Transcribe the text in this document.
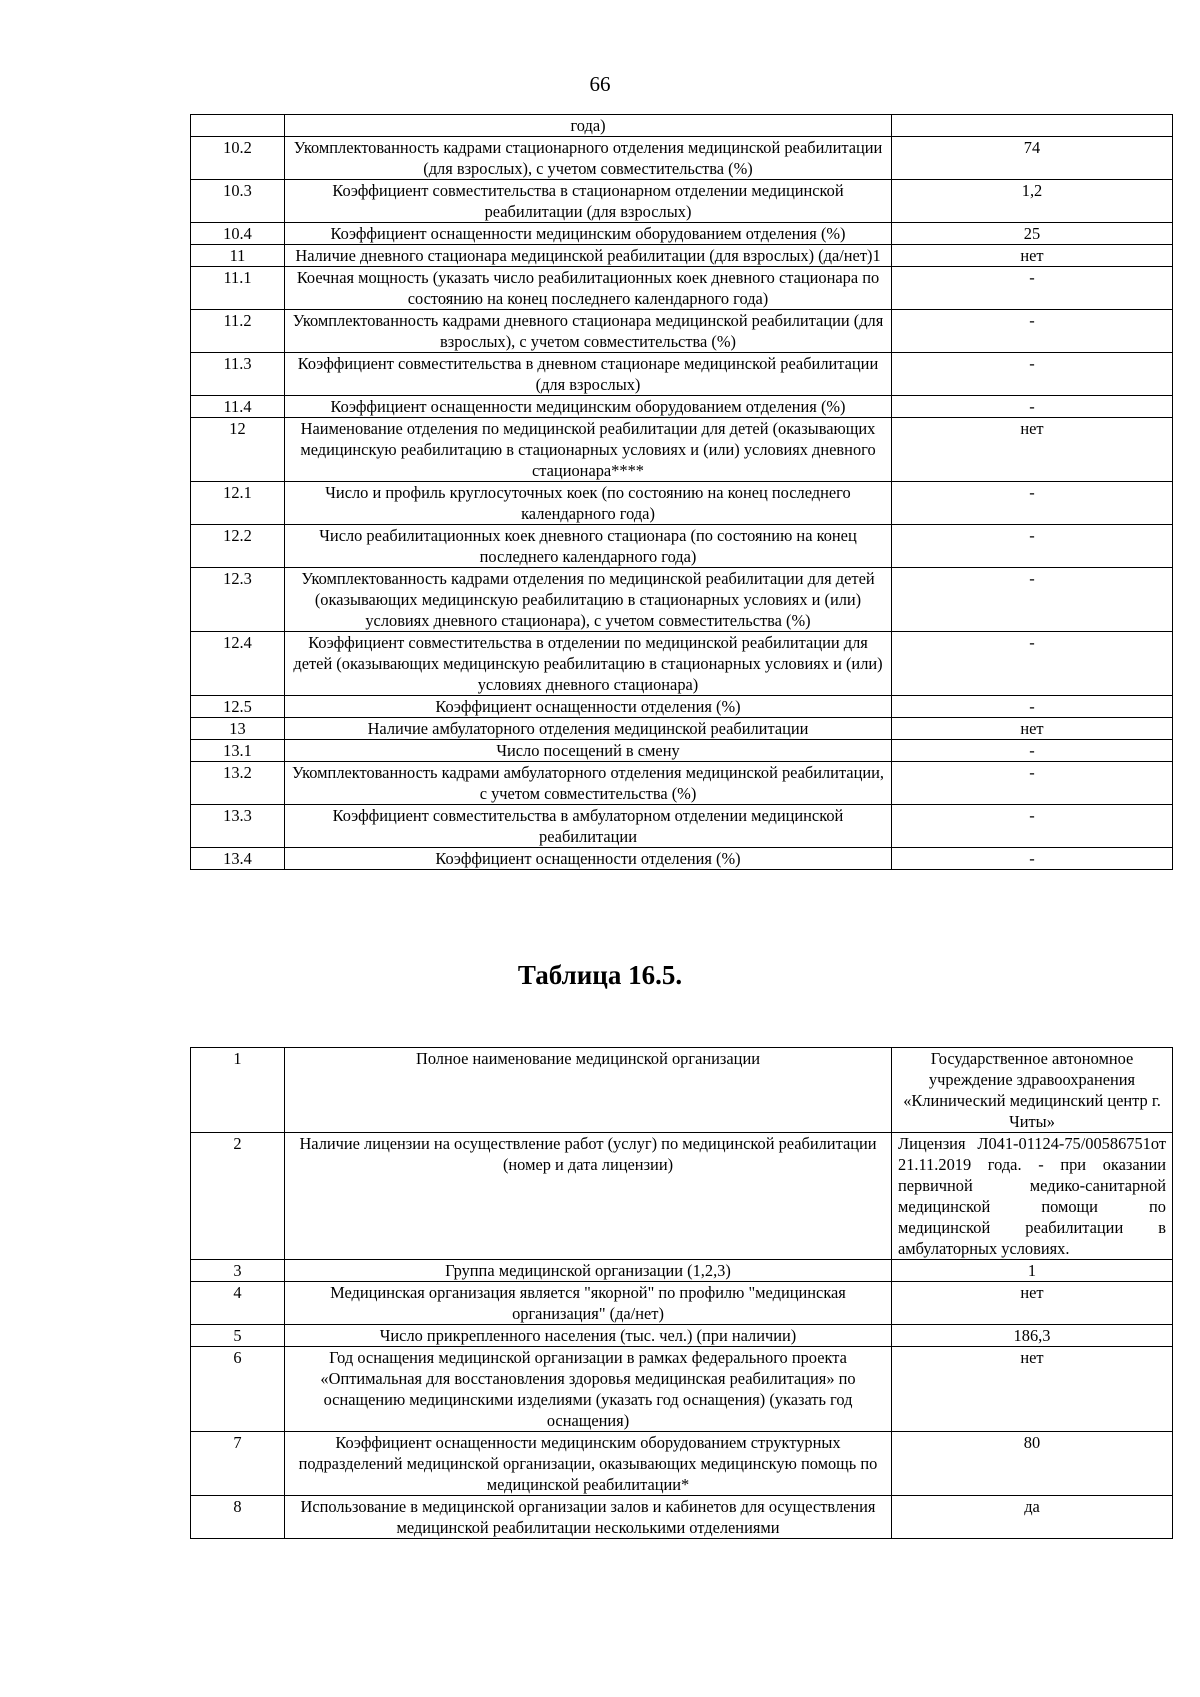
66
	года)	
10.2	Укомплектованность кадрами стационарного отделения медицинской реабилитации (для взрослых), с учетом совместительства (%)	74
10.3	Коэффициент совместительства в стационарном отделении медицинской реабилитации (для взрослых)	1,2
10.4	Коэффициент оснащенности медицинским оборудованием отделения (%)	25
11	Наличие дневного стационара медицинской реабилитации (для взрослых) (да/нет)1	нет
11.1	Коечная мощность (указать число реабилитационных коек дневного стационара по состоянию на конец последнего календарного года)	-
11.2	Укомплектованность кадрами дневного стационара медицинской реабилитации (для взрослых), с учетом совместительства (%)	-
11.3	Коэффициент совместительства в дневном стационаре медицинской реабилитации (для взрослых)	-
11.4	Коэффициент оснащенности медицинским оборудованием отделения (%)	-
12	Наименование отделения по медицинской реабилитации для детей (оказывающих медицинскую реабилитацию в стационарных условиях и (или) условиях дневного стационара****	нет
12.1	Число и профиль круглосуточных коек (по состоянию на конец последнего календарного года)	-
12.2	Число реабилитационных коек дневного стационара (по состоянию на конец последнего календарного года)	-
12.3	Укомплектованность кадрами отделения по медицинской реабилитации для детей (оказывающих медицинскую реабилитацию в стационарных условиях и (или) условиях дневного стационара), с учетом совместительства (%)	-
12.4	Коэффициент совместительства в отделении по медицинской реабилитации для детей (оказывающих медицинскую реабилитацию в стационарных условиях и (или) условиях дневного стационара)	-
12.5	Коэффициент оснащенности отделения (%)	-
13	Наличие амбулаторного отделения медицинской реабилитации	нет
13.1	Число посещений в смену	-
13.2	Укомплектованность кадрами амбулаторного отделения медицинской реабилитации, с учетом совместительства (%)	-
13.3	Коэффициент совместительства в амбулаторном отделении медицинской реабилитации	-
13.4	Коэффициент оснащенности отделения (%)	-
Таблица 16.5.
1	Полное наименование медицинской организации	Государственное автономное учреждение здравоохранения «Клинический медицинский центр г. Читы»
2	Наличие лицензии на осуществление работ (услуг) по медицинской реабилитации (номер и дата лицензии)	Лицензия Л041-01124-75/00586751от 21.11.2019 года. - при оказании первичной медико-санитарной медицинской помощи по медицинской реабилитации в амбулаторных условиях.
3	Группа медицинской организации (1,2,3)	1
4	Медицинская организация является "якорной" по профилю "медицинская организация" (да/нет)	нет
5	Число прикрепленного населения (тыс. чел.) (при наличии)	186,3
6	Год оснащения медицинской организации в рамках федерального проекта «Оптимальная для восстановления здоровья медицинская реабилитация» по оснащению медицинскими изделиями (указать год оснащения) (указать год оснащения)	нет
7	Коэффициент оснащенности медицинским оборудованием структурных подразделений медицинской организации, оказывающих медицинскую помощь по медицинской реабилитации*	80
8	Использование в медицинской организации залов и кабинетов для осуществления медицинской реабилитации несколькими отделениями	да
